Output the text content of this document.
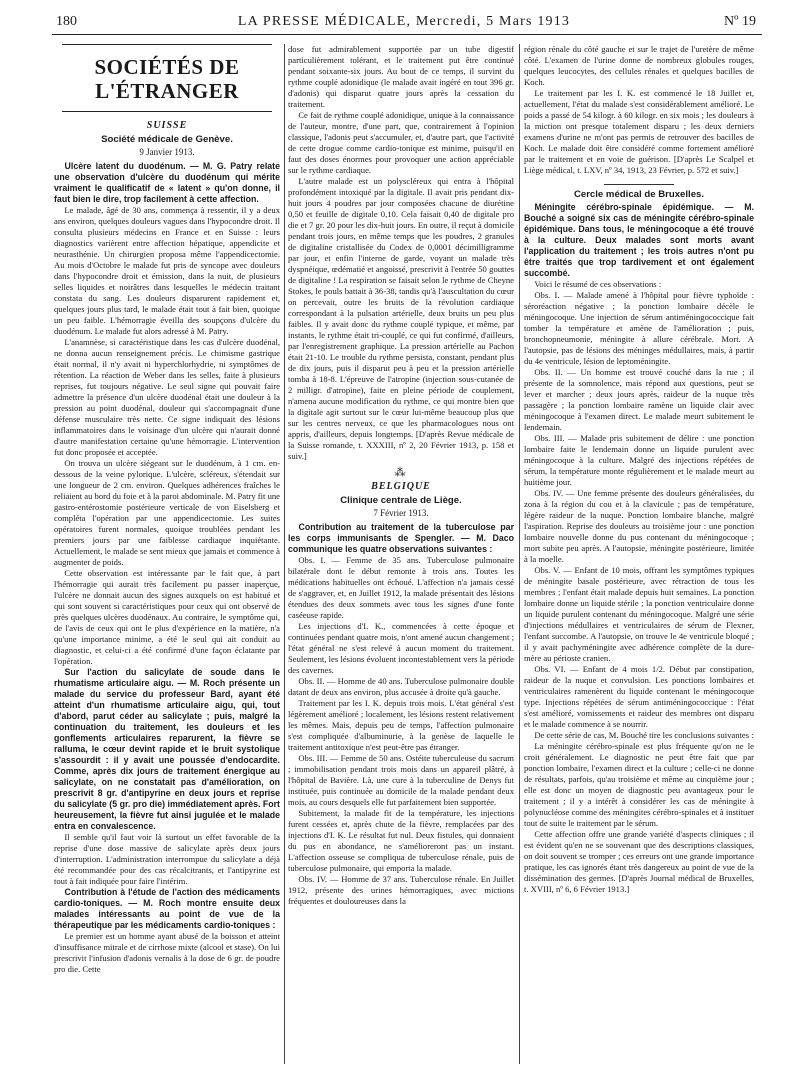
180	LA PRESSE MÉDICALE, Mercredi, 5 Mars 1913	Nº 19
SOCIÉTÉS DE L'ÉTRANGER
SUISSE
Société médicale de Genève.
9 Janvier 1913.

Ulcère latent du duodénum. — M. G. Patry relate une observation d'ulcère du duodénum qui mérite vraiment le qualificatif de « latent » qu'on donne, il faut bien le dire, trop facilement à cette affection.

Le malade, âgé de 30 ans, commença à ressentir, il y a deux ans environ, quelques douleurs vagues dans l'hypocondre droit. Il consulta plusieurs médecins en France et en Suisse : leurs diagnostics varièrent entre affection hépatique, appendicite et neurasthénie. Un chirurgien proposa même l'appendicectomie. Au mois d'Octobre le malade fut pris de syncope avec douleurs dans l'hypocondre droit et émission, dans la nuit, de plusieurs selles liquides et noirâtres dans lesquelles le médecin traitant constata du sang. Les douleurs disparurent rapidement et, quelques jours plus tard, le malade était tout à fait bien, quoique un peu faible. L'hémorragie éveilla des soupçons d'ulcère du duodénum. Le malade fut alors adressé à M. Patry.

L'anamnèse, si caractéristique dans les cas d'ulcère duodénal, ne donna aucun renseignement précis. Le chimisme gastrique était normal, il n'y avait ni hyperchlorhydrie, ni symptômes de rétention. La réaction de Weber dans les selles, faite à plusieurs reprises, fut toujours négative. Le seul signe qui pouvait faire admettre la présence d'un ulcère duodénal était une douleur à la pression au point duodénal, douleur qui s'accompagnait d'une défense musculaire très nette. Ce signe indiquait des lésions inflammatoires dans le voisinage d'un ulcère qui n'aurait donné d'autre manifestation certaine qu'une hémorragie. L'intervention fut donc proposée et acceptée.

On trouva un ulcère siégeant sur le duodénum, à 1 cm. en-dessous de la veine pylorique. L'ulcère, scléreux, s'étendait sur une longueur de 2 cm. environ. Quelques adhérences fraîches le reliaient au bord du foie et à la paroi abdominale. M. Patry fit une gastro-entérostomie postérieure verticale de von Eiselsberg et compléta l'opération par une appendicectomie. Les suites opératoires furent normales, quoique troublées pendant les premiers jours par une faiblesse cardiaque inquiétante. Actuellement, le malade se sent mieux que jamais et commence à augmenter de poids.

Cette observation est intéressante par le fait que, à part l'hémorragie qui aurait très facilement pu passer inaperçue, l'ulcère ne donnait aucun des signes auxquels on est habitué et qui sont souvent si caractéristiques pour ceux qui ont observé de près quelques ulcères duodénaux. Au contraire, le symptôme qui, de l'avis de ceux qui ont le plus d'expérience en la matière, n'a qu'une importance minime, a été le seul qui ait conduit au diagnostic, et celui-ci a été confirmé d'une façon éclatante par l'opération.

Sur l'action du salicylate de soude dans le rhumatisme articulaire aigu. — M. Roch présente un malade du service du professeur Bard, ayant été atteint d'un rhumatisme articulaire aigu, qui, tout d'abord, parut céder au salicylate ; puis, malgré la continuation du traitement, les douleurs et les gonflements articulaires reparurent, la fièvre se ralluma, le cœur devint rapide et le bruit systolique s'assourdit : il y avait une poussée d'endocardite. Comme, après dix jours de traitement énergique au salicylate, on ne constatait pas d'amélioration, on prescrivit 8 gr. d'antipyrine en deux jours et reprise du salicylate (5 gr. pro die) immédiatement après. Fort heureusement, la fièvre fut ainsi jugulée et le malade entra en convalescence.

Il semble qu'il faut voir là surtout un effet favorable de la reprise d'une dose massive de salicylate après deux jours d'interruption. L'administration interrompue du salicylate a déjà été recommandée pour des cas récalcitrants, et l'antipyrine est tout à fait indiquée pour faire l'intérim.

Contribution à l'étude de l'action des médicaments cardio-toniques. — M. Roch montre ensuite deux malades intéressants au point de vue de la thérapeutique par les médicaments cardio-toniques :

Le premier est un homme ayant abusé de la boisson et atteint d'insuffisance mitrale et de cirrhose mixte (alcool et stase). On lui prescrivit l'infusion d'adonis vernalis à la dose de 6 gr. de poudre pro die. Cette

dose fut admirablement supportée par un tube digestif particulièrement tolérant, et le traitement put être continué pendant soixante-six jours. Au bout de ce temps, il survint du rythme couplé adonidique (le malade avait ingéré en tout 396 gr. d'adonis) qui disparut quatre jours après la cessation du traitement.

Ce fait de rythme couplé adonidique, unique à la connaissance de l'auteur, montre, d'une part, que, contrairement à l'opinion classique, l'adonis peut s'accumuler, et, d'autre part, que l'activité de cette drogue comme cardio-tonique est minime, puisqu'il en faut des doses énormes pour provoquer une action appréciable sur le rythme cardiaque.

L'autre malade est un polyscléreux qui entra à l'hôpital profondément intoxiqué par la digitale. Il avait pris pendant dix-huit jours 4 poudres par jour composées chacune de diurétine 0,50 et feuille de digitale 0,10. Cela faisait 0,40 de digitale pro die et 7 gr. 20 pour les dix-huit jours. En outre, il reçut à domicile pendant trois jours, en même temps que les poudres, 2 granules de digitaline cristallisée du Codex de 0,0001 décimilligramme par jour, et enfin l'interne de garde, voyant un malade très dyspnéique, œdématié et angoissé, prescrivit à l'entrée 50 gouttes de digitaline ! La respiration se faisait selon le rythme de Cheyne Stokes, le pouls battait à 36-38, tandis qu'à l'auscultation du cœur on percevait, outre les bruits de la révolution cardiaque correspondant à la pulsation artérielle, deux bruits un peu plus faibles. Il y avait donc du rythme couplé typique, et même, par instants, le rythme était tri-couplé, ce qui fut confirmé, d'ailleurs, par l'enregistrement graphique. La pression artérielle au Pachon était 21-10. Le trouble du rythme persista, constant, pendant plus de dix jours, puis il disparut peu à peu et la pression artérielle tomba à 18-8. L'épreuve de l'atropine (injection sous-cutanée de 2 milligr. d'atropine), faite en pleine période de couplement, n'amena aucune modification du rythme, ce qui montre bien que la digitale agit surtout sur le cœur lui-même beaucoup plus que sur les centres nerveux, ce que les pharmacologues nous ont appris, d'ailleurs, depuis longtemps. [D'après Revue médicale de la Suisse romande, t. XXXIII, nº 2, 20 Février 1913, p. 158 et suiv.]

⁂
BELGIQUE
Clinique centrale de Liège.
7 Février 1913.

Contribution au traitement de la tuberculose par les corps immunisants de Spengler. — M. Daco communique les quatre observations suivantes :

Obs. I. — Femme de 35 ans. Tuberculose pulmonaire bilatérale dont le début remonte à trois ans. Toutes les médications habituelles ont échoué. L'affection n'a jamais cessé de s'aggraver, et, en Juillet 1912, la malade présentait des lésions étendues des deux sommets avec tous les signes d'une fonte caséeuse rapide.

Les injections d'I. K., commencées à cette époque et continuées pendant quatre mois, n'ont amené aucun changement ; l'état général ne s'est relevé à aucun moment du traitement. Seulement, les lésions évoluent incontestablement vers la période des cavernes.

Obs. II. — Homme de 40 ans. Tuberculose pulmonaire double datant de deux ans environ, plus accusée à droite qu'à gauche.

Traitement par les I. K. depuis trois mois. L'état général s'est légèrement amélioré ; localement, les lésions restent relativement les mêmes. Mais, depuis peu de temps, l'affection pulmonaire s'est compliquée d'albuminurie, à la genèse de laquelle le traitement antitoxique n'est peut-être pas étranger.

Obs. III. — Femme de 50 ans. Ostéite tuberculeuse du sacrum ; immobilisation pendant trois mois dans un appareil plâtré, à l'hôpital de Bavière. Là, une cure à la tuberculine de Denys fut instituée, puis continuée au domicile de la malade pendant deux mois, au cours desquels elle fut parfaitement bien supportée.

Subitement, la malade fit de la température, les injections furent cessées et, après chute de la fièvre, remplacées par des injections d'I. K. Le résultat fut nul. Deux fistules, qui donnaient du pus en abondance, ne s'amélioreront pas un instant. L'affection osseuse se compliqua de tuberculose rénale, puis de tuberculose pulmonaire, qui emporta la malade.

Obs. IV. — Homme de 37 ans. Tuberculose rénale. En Juillet 1912, présente des urines hémorragiques, avec mictions fréquentes et douloureuses dans la

région rénale du côté gauche et sur le trajet de l'uretère de même côté. L'examen de l'urine donne de nombreux globules rouges, quelques leucocytes, des cellules rénales et quelques bacilles de Koch.

Le traitement par les I. K. est commencé le 18 Juillet et, actuellement, l'état du malade s'est considérablement amélioré. Le poids a passé de 54 kilogr. à 60 kilogr. en six mois ; les douleurs à la miction ont presque totalement disparu ; les deux derniers examens d'urine ne m'ont pas permis de retrouver des bacilles de Koch. Le malade doit être considéré comme fortement amélioré par le traitement et en voie de guérison. [D'après Le Scalpel et Liège médical, t. LXV, nº 34, 1913, 23 Février, p. 572 et suiv.]

Cercle médical de Bruxelles.

Méningite cérébro-spinale épidémique. — M. Bouché a soigné six cas de méningite cérébro-spinale épidémique. Dans tous, le méningocoque a été trouvé à la culture. Deux malades sont morts avant l'application du traitement ; les trois autres n'ont pu être traités que trop tardivement et ont également succombé.

Voici le résumé de ces observations :

Obs. I. — Malade amené à l'hôpital pour fièvre typhoïde : séroréaction négative ; la ponction lombaire décèle le méningocoque. Une injection de sérum antiméningococcique fait tomber la température et amène de l'amélioration ; puis, bronchopneumonie, méningite à allure cérébrale. Mort. A l'autopsie, pas de lésions des méninges médullaires, mais, à partir du 4e ventricule, lésion de leptoméningite.

Obs. II. — Un homme est trouvé couché dans la rue ; il présente de la somnolence, mais répond aux questions, peut se lever et marcher ; deux jours après, raideur de la nuque très passagère ; la ponction lombaire ramène un liquide clair avec méningocoque à l'examen direct. Le malade meurt subitement le lendemain.

Obs. III. — Malade pris subitement de délire : une ponction lombaire faite le lendemain donne un liquide purulent avec méningocoque à la culture. Malgré des injections répétées de sérum, la température monte régulièrement et le malade meurt au huitième jour.

Obs. IV. — Une femme présente des douleurs généralisées, du zona à la région du cou et à la clavicule ; pas de température, légère raideur de la nuque. Ponction lombaire blanche, malgré l'aspiration. Reprise des douleurs au troisième jour : une ponction lombaire nouvelle donne du pus contenant du méningocoque ; mort subite peu après. A l'autopsie, méningite postérieure, limitée à la moelle.

Obs. V. — Enfant de 10 mois, offrant les symptômes typiques de méningite basale postérieure, avec rétraction de tous les membres ; l'enfant était malade depuis huit semaines. La ponction lombaire donne un liquide stérile ; la ponction ventriculaire donne un liquide purulent contenant du méningocoque. Malgré une série d'injections médullaires et ventriculaires de sérum de Flexner, l'enfant succombe. A l'autopsie, on trouve le 4e ventricule bloqué ; il y avait pachyméningite avec adhérence complète de la dure-mère au périoste cranien.

Obs. VI. — Enfant de 4 mois 1/2. Début par constipation, raideur de la nuque et convulsion. Les ponctions lombaires et ventriculaires ramenèrent du liquide contenant le méningocoque type. Injections répétées de sérum antiméningococcique : l'état s'est amélioré, vomissements et raideur des membres ont disparu et le malade commence à se nourrir.

De cette série de cas, M. Bouché tire les conclusions suivantes :

La méningite cérébro-spinale est plus fréquente qu'on ne le croit généralement. Le diagnostic ne peut être fait que par ponction lombaire, l'examen direct et la culture ; celle-ci ne donne de résultats, parfois, qu'au troisième et même au cinquième jour ; elle est donc un moyen de diagnostic peu avantageux pour le traitement ; il y a intérêt à considérer les cas de méningite à polynucléose comme des méningites cérébro-spinales et à instituer tout de suite le traitement par le sérum.

Cette affection offre une grande variété d'aspects cliniques ; il est évident qu'en ne se souvenant que des descriptions classiques, on doit souvent se tromper ; ces erreurs ont une grande importance pratique, les cas ignorés étant très dangereux au point de vue de la dissémination des germes. [D'après Journal médical de Bruxelles, t. XVIII, nº 6, 6 Février 1913.]
